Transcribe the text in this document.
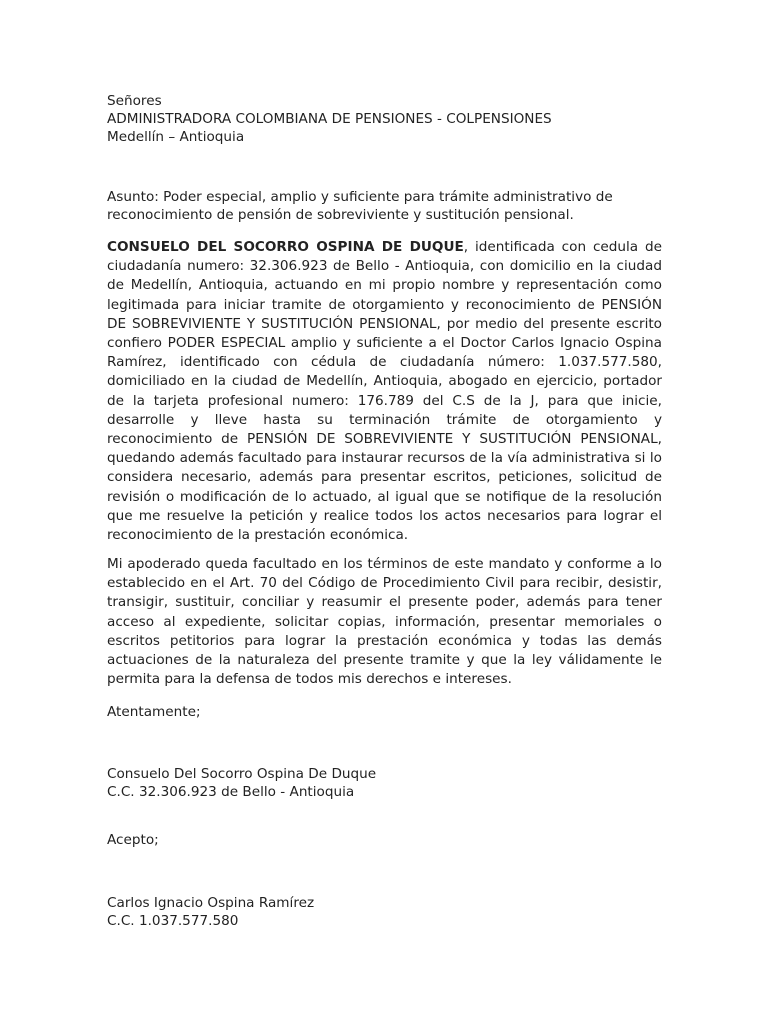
Señores
ADMINISTRADORA COLOMBIANA DE PENSIONES - COLPENSIONES
Medellín – Antioquia
Asunto: Poder especial, amplio y suficiente para trámite administrativo de
reconocimiento de pensión de sobreviviente y sustitución pensional.

CONSUELO DEL SOCORRO OSPINA DE DUQUE, identificada con cedula de ciudadanía numero: 32.306.923 de Bello - Antioquia, con domicilio en la ciudad de Medellín, Antioquia, actuando en mi propio nombre y representación como legitimada para iniciar tramite de otorgamiento y reconocimiento de PENSIÓN DE SOBREVIVIENTE Y SUSTITUCIÓN PENSIONAL, por medio del presente escrito confiero PODER ESPECIAL amplio y suficiente a el Doctor Carlos Ignacio Ospina Ramírez, identificado con cédula de ciudadanía número: 1.037.577.580, domiciliado en la ciudad de Medellín, Antioquia, abogado en ejercicio, portador de la tarjeta profesional numero: 176.789 del C.S de la J, para que inicie, desarrolle y lleve hasta su terminación trámite de otorgamiento y reconocimiento de PENSIÓN DE SOBREVIVIENTE Y SUSTITUCIÓN PENSIONAL, quedando además facultado para instaurar recursos de la vía administrativa si lo considera necesario, además para presentar escritos, peticiones, solicitud de revisión o modificación de lo actuado, al igual que se notifique de la resolución que me resuelve la petición y realice todos los actos necesarios para lograr el reconocimiento de la prestación económica.

Mi apoderado queda facultado en los términos de este mandato y conforme a lo establecido en el Art. 70 del Código de Procedimiento Civil para recibir, desistir, transigir, sustituir, conciliar y reasumir el presente poder, además para tener acceso al expediente, solicitar copias, información, presentar memoriales o escritos petitorios para lograr la prestación económica y todas las demás actuaciones de la naturaleza del presente tramite y que la ley válidamente le permita para la defensa de todos mis derechos e intereses.

Atentamente;
Consuelo Del Socorro Ospina De Duque
C.C. 32.306.923 de Bello - Antioquia
Acepto;
Carlos Ignacio Ospina Ramírez
C.C. 1.037.577.580
